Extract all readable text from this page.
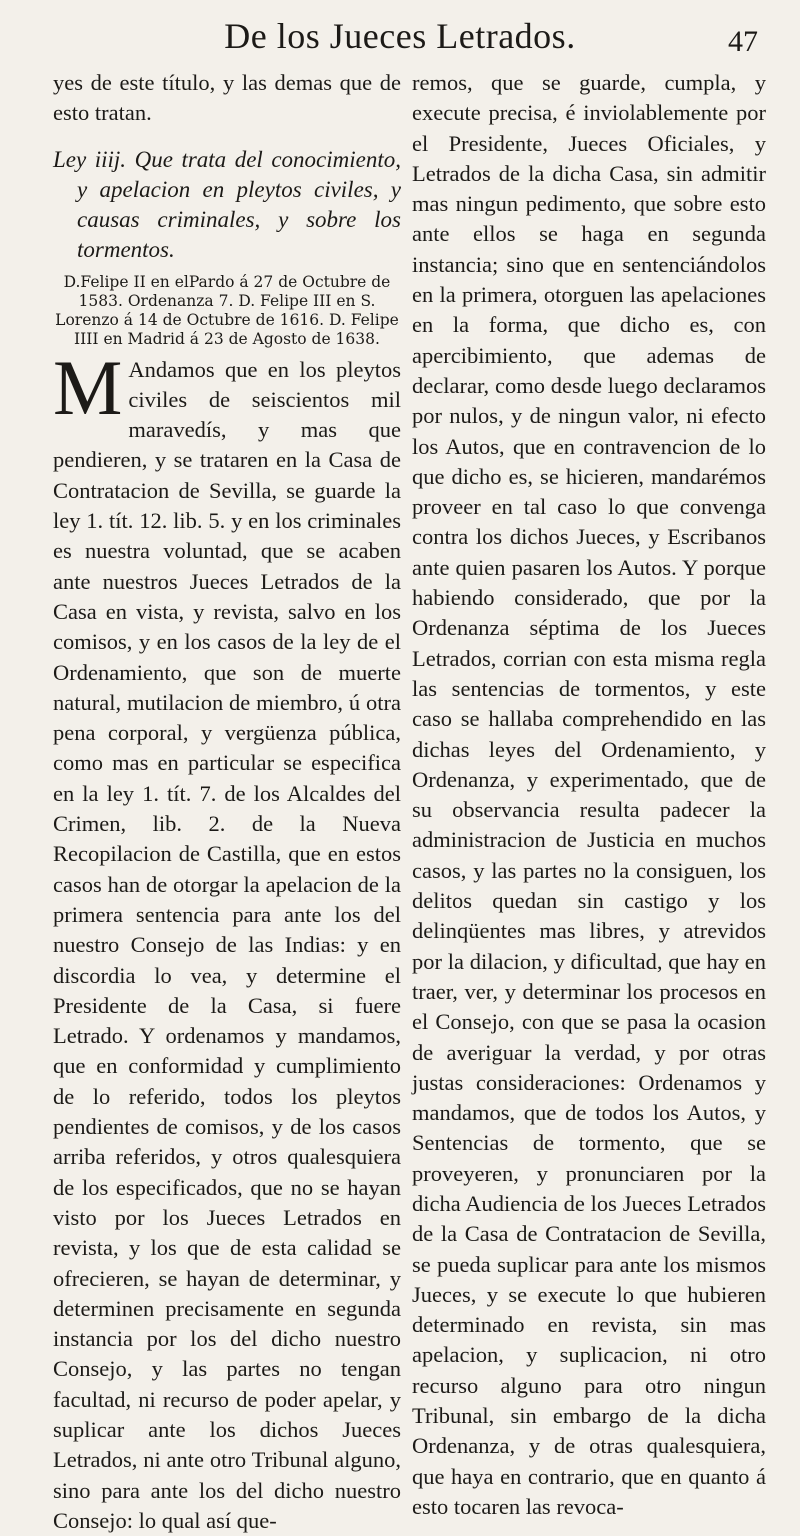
De los Jueces Letrados.	47

yes de este título, y las demas que de esto tratan.

Ley iiij. Que trata del conocimiento, y apelacion en pleytos civiles, y causas criminales, y sobre los tormentos.

D.Felipe II en elPardo á 27 de Octubre de 1583. Ordenanza 7. D. Felipe III en S. Lorenzo á 14 de Octubre de 1616. D. Felipe IIII en Madrid á 23 de Agosto de 1638.

M Andamos que en los pleytos civiles de seiscientos mil maravedís, y mas que pendieren, y se trataren en la Casa de Contratacion de Sevilla, se guarde la ley 1. tít. 12. lib. 5. y en los criminales es nuestra voluntad, que se acaben ante nuestros Jueces Letrados de la Casa en vista, y revista, salvo en los comisos, y en los casos de la ley de el Ordenamiento, que son de muerte natural, mutilacion de miembro, ú otra pena corporal, y vergüenza pública, como mas en particular se especifica en la ley 1. tít. 7. de los Alcaldes del Crimen, lib. 2. de la Nueva Recopilacion de Castilla, que en estos casos han de otorgar la apelacion de la primera sentencia para ante los del nuestro Consejo de las Indias: y en discordia lo vea, y determine el Presidente de la Casa, si fuere Letrado. Y ordenamos y mandamos, que en conformidad y cumplimiento de lo referido, todos los pleytos pendientes de comisos, y de los casos arriba referidos, y otros qualesquiera de los especificados, que no se hayan visto por los Jueces Letrados en revista, y los que de esta calidad se ofrecieren, se hayan de determinar, y determinen precisamente en segunda instancia por los del dicho nuestro Consejo, y las partes no tengan facultad, ni recurso de poder apelar, y suplicar ante los dichos Jueces Letrados, ni ante otro Tribunal alguno, sino para ante los del dicho nuestro Consejo: lo qual así que-

remos, que se guarde, cumpla, y execute precisa, é inviolablemente por el Presidente, Jueces Oficiales, y Letrados de la dicha Casa, sin admitir mas ningun pedimento, que sobre esto ante ellos se haga en segunda instancia; sino que en sentenciándolos en la primera, otorguen las apelaciones en la forma, que dicho es, con apercibimiento, que ademas de declarar, como desde luego declaramos por nulos, y de ningun valor, ni efecto los Autos, que en contravencion de lo que dicho es, se hicieren, mandarémos proveer en tal caso lo que convenga contra los dichos Jueces, y Escribanos ante quien pasaren los Autos. Y porque habiendo considerado, que por la Ordenanza séptima de los Jueces Letrados, corrian con esta misma regla las sentencias de tormentos, y este caso se hallaba comprehendido en las dichas leyes del Ordenamiento, y Ordenanza, y experimentado, que de su observancia resulta padecer la administracion de Justicia en muchos casos, y las partes no la consiguen, los delitos quedan sin castigo y los delinqüentes mas libres, y atrevidos por la dilacion, y dificultad, que hay en traer, ver, y determinar los procesos en el Consejo, con que se pasa la ocasion de averiguar la verdad, y por otras justas consideraciones: Ordenamos y mandamos, que de todos los Autos, y Sentencias de tormento, que se proveyeren, y pronunciaren por la dicha Audiencia de los Jueces Letrados de la Casa de Contratacion de Sevilla, se pueda suplicar para ante los mismos Jueces, y se execute lo que hubieren determinado en revista, sin mas apelacion, y suplicacion, ni otro recurso alguno para otro ningun Tribunal, sin embargo de la dicha Ordenanza, y de otras qualesquiera, que haya en contrario, que en quanto á esto tocaren las revoca-
